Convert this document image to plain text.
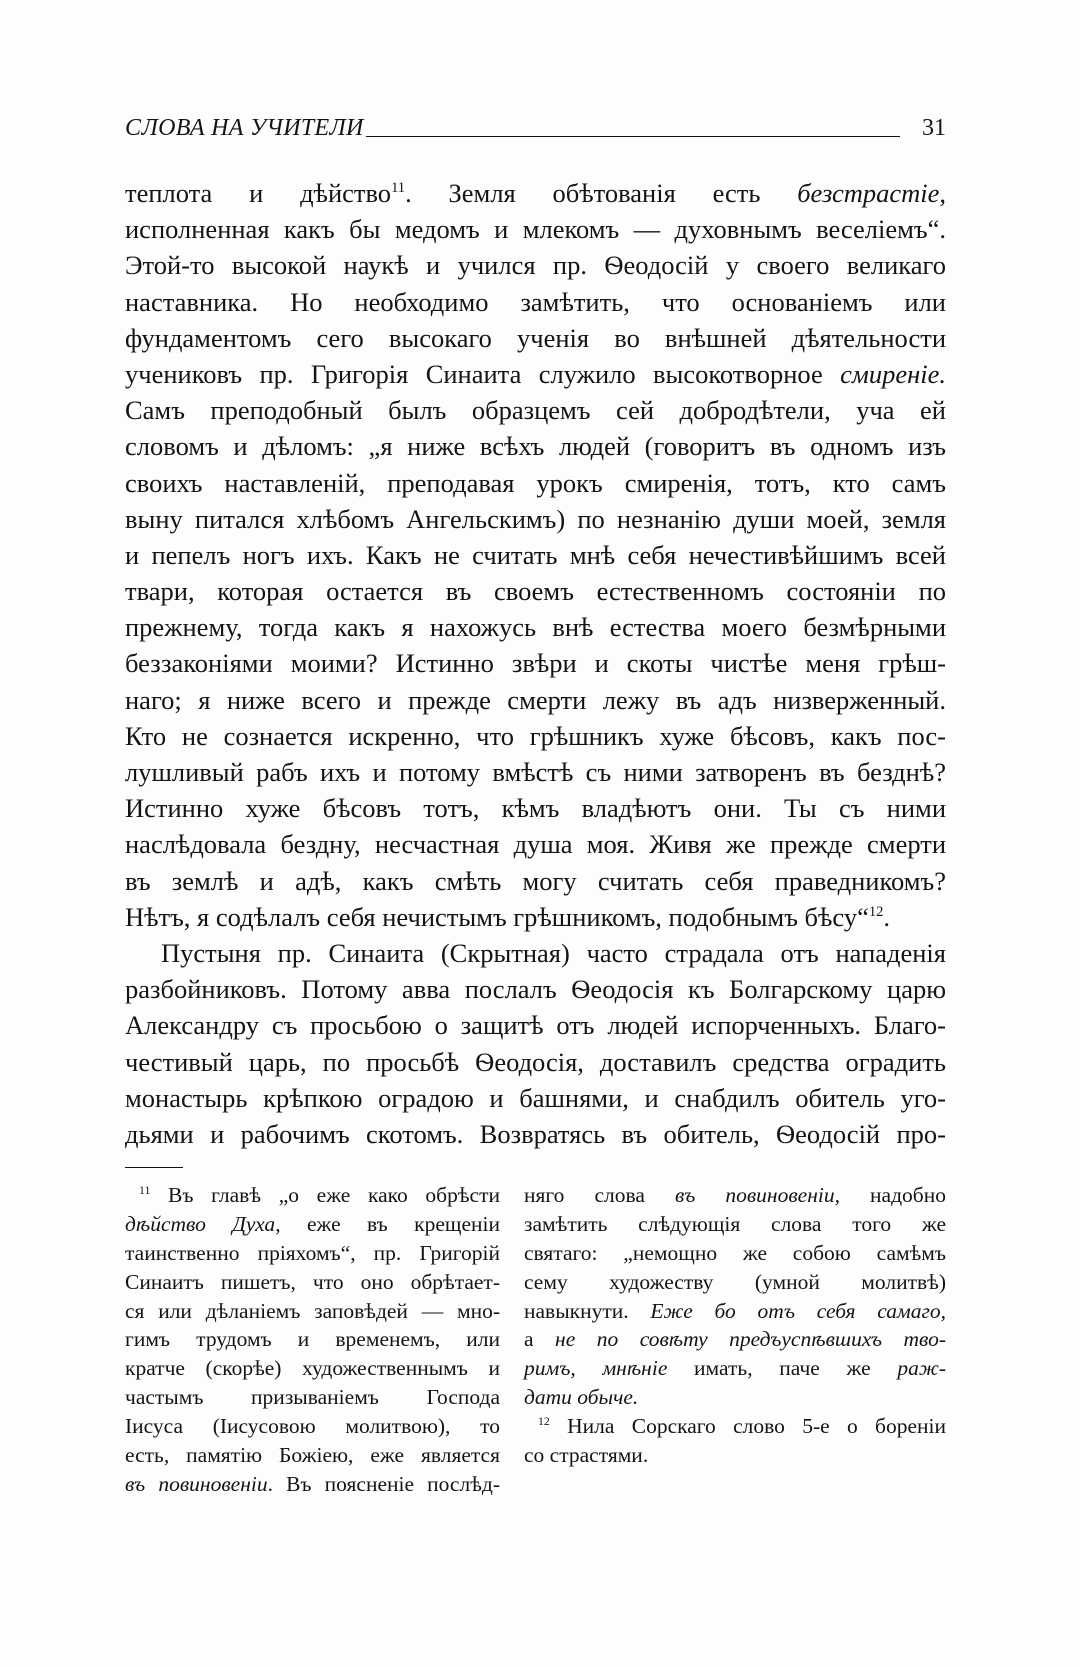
СЛОВА НА УЧИТЕЛИ	31
теплота и дѣйство$^{11}$. Земля обѣтованія есть безстрастіе,
исполненная какъ бы медомъ и млекомъ — духовнымъ веселіемъ“.
Этой-то высокой наукѣ и учился пр. Ѳеодосій у своего великаго
наставника. Но необходимо замѣтить, что основаніемъ или
фундаментомъ сего высокаго ученія во внѣшней дѣятельности
учениковъ пр. Григорія Синаита служило высокотворное смиреніе.
Самъ преподобный былъ образцемъ сей добродѣтели, уча ей
словомъ и дѣломъ: „я ниже всѣхъ людей (говоритъ въ одномъ изъ
своихъ наставленій, преподавая урокъ смиренія, тотъ, кто самъ
выну питался хлѣбомъ Ангельскимъ) по незнанію души моей, земля
и пепелъ ногъ ихъ. Какъ не считать мнѣ себя нечестивѣйшимъ всей
твари, которая остается въ своемъ естественномъ состояніи по
прежнему, тогда какъ я нахожусь внѣ естества моего безмѣрными
беззаконіями моими? Истинно звѣри и скоты чистѣе меня грѣш-
наго; я ниже всего и прежде смерти лежу въ адъ низверженный.
Кто не сознается искренно, что грѣшникъ хуже бѣсовъ, какъ пос-
лушливый рабъ ихъ и потому вмѣстѣ съ ними затворенъ въ безднѣ?
Истинно хуже бѣсовъ тотъ, кѣмъ владѣютъ они. Ты съ ними
наслѣдовала бездну, несчастная душа моя. Живя же прежде смерти
въ землѣ и адѣ, какъ смѣть могу считать себя праведникомъ?
Нѣтъ, я содѣлалъ себя нечистымъ грѣшникомъ, подобнымъ бѣсу“$^{12}$.
Пустыня пр. Синаита (Скрытная) часто страдала отъ нападенія
разбойниковъ. Потому авва послалъ Ѳеодосія къ Болгарскому царю
Александру съ просьбою о защитѣ отъ людей испорченныхъ. Благо-
честивый царь, по просьбѣ Ѳеодосія, доставилъ средства оградить
монастырь крѣпкою оградою и башнями, и снабдилъ обитель уго-
дьями и рабочимъ скотомъ. Возвратясь въ обитель, Ѳеодосій про-
$^{11}$ Въ главѣ „о еже како обрѣсти
дѣйство Духа, еже въ крещеніи
таинственно пріяхомъ“, пр. Григорій
Синаитъ пишетъ, что оно обрѣтает-
ся или дѣланіемъ заповѣдей — мно-
гимъ трудомъ и временемъ, или
кратче (скорѣе) художественнымъ и
частымъ призываніемъ Господа
Іисуса (Іисусовою молитвою), то
есть, памятію Божіею, еже является
въ повиновеніи. Въ поясненіе послѣд-
няго слова въ повиновеніи, надобно
замѣтить слѣдующія слова того же
святаго: „немощно же собою самѣмъ
сему художеству (умной молитвѣ)
навыкнути. Еже бо отъ себя самаго,
а не по совѣту предъуспѣвшихъ тво-
римъ, мнѣніе имать, паче же раж-
дати обыче.
$^{12}$ Нила Сорскаго слово 5-е о бореніи
со страстями.
